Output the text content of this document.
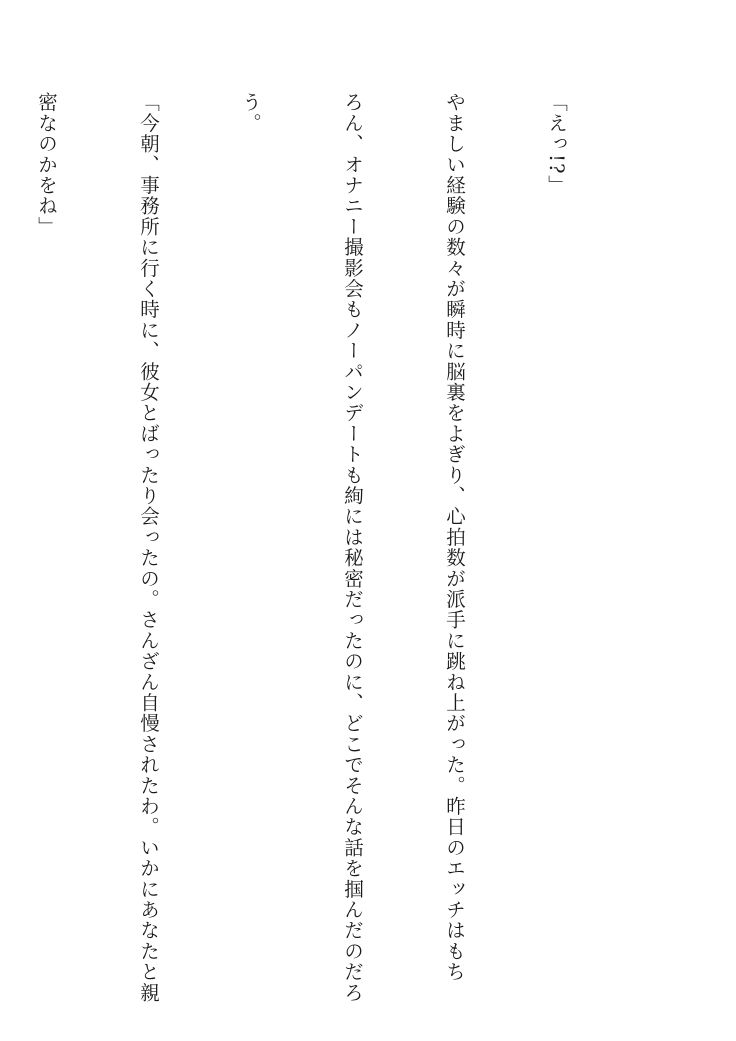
「えっ!?」

やましい経験の数々が瞬時に脳裏をよぎり、心拍数が派手に跳ね上がった。昨日のエッチはもち

ろん、オナニー撮影会もノーパンデートも絢には秘密だったのに、どこでそんな話を掴んだのだろ

う。

「今朝、事務所に行く時に、彼女とばったり会ったの。さんざん自慢されたわ。いかにあなたと親

密なのかをね」
